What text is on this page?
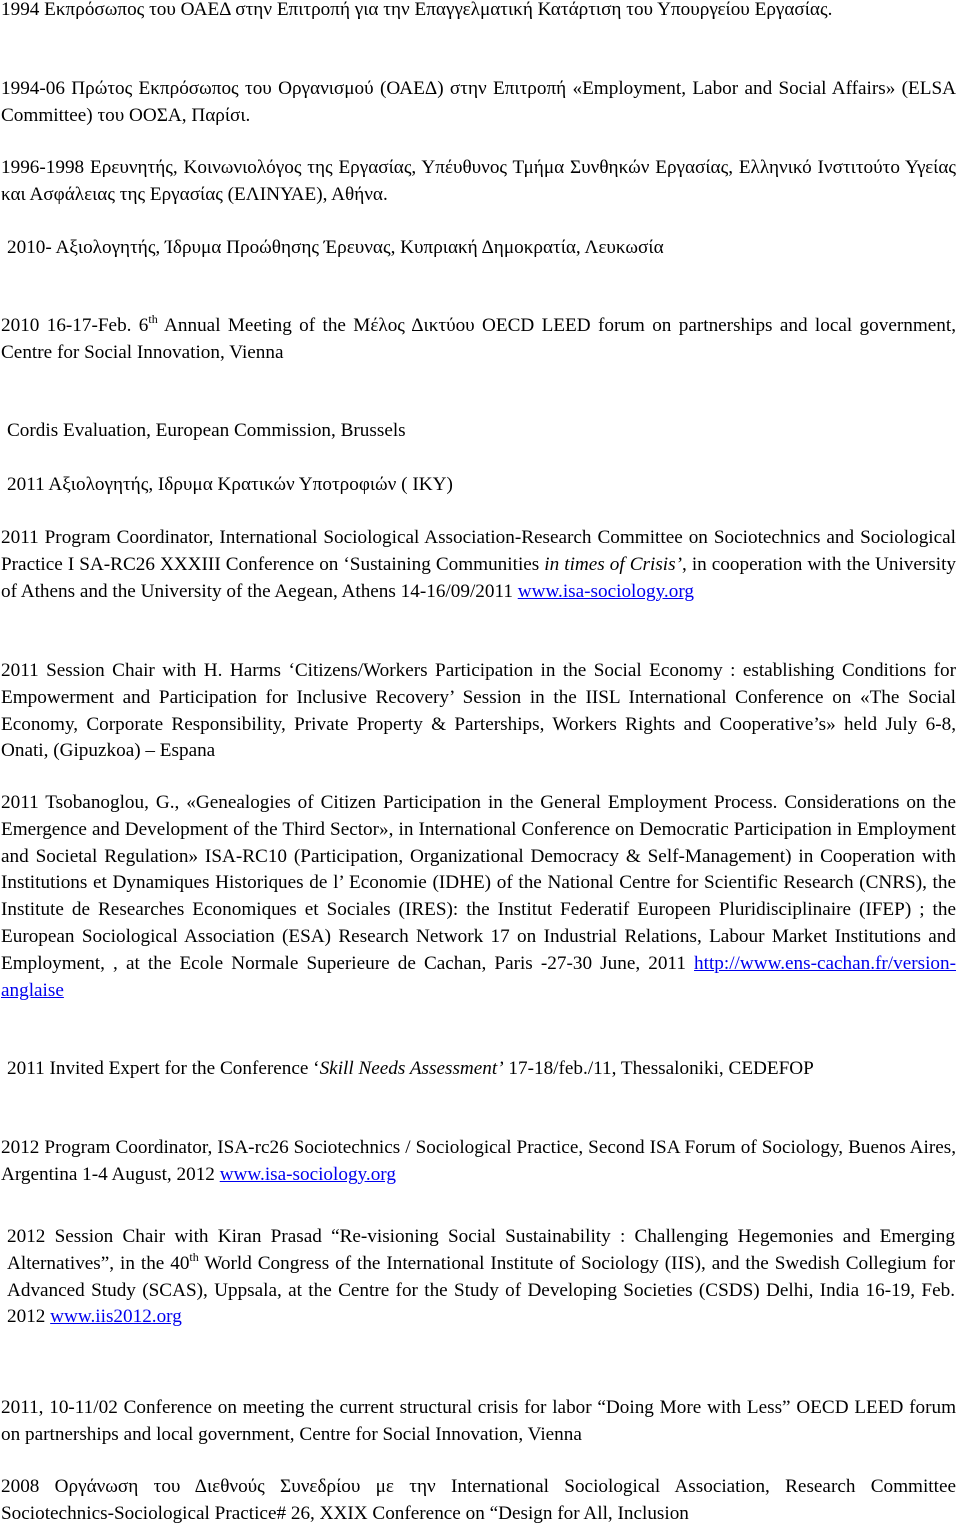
1994 Εκπρόσωπος του ΟΑΕΔ στην Επιτροπή για την Επαγγελματική Κατάρτιση του Υπουργείου Εργασίας.

1994-06 Πρώτος Εκπρόσωπος του Οργανισμού (ΟΑΕΔ) στην Επιτροπή «Employment, Labor and Social Affairs» (ELSA Committee) του ΟΟΣΑ, Παρίσι.

1996-1998 Ερευνητής, Κοινωνιολόγος της Εργασίας, Υπέυθυνος Τμήμα Συνθηκών Εργασίας, Ελληνικό Ινστιτούτο Υγείας και Ασφάλειας της Εργασίας (ΕΛΙΝΥΑΕ), Αθήνα.

2010- Αξιολογητής, Ίδρυμα Προώθησης Έρευνας, Κυπριακή Δημοκρατία, Λευκωσία

2010 16-17-Feb. 6th Annual Meeting of the Μέλος Δικτύου OECD LEED forum on partnerships and local government, Centre for Social Innovation, Vienna

Cordis Evaluation, European Commission, Brussels

2011 Αξιολογητής, Ιδρυμα Κρατικών Υποτροφιών ( ΙΚΥ)

2011 Program Coordinator, International Sociological Association-Research Committee on Sociotechnics and Sociological Practice I SA-RC26 XXXIII Conference on ‘Sustaining Communities in times of Crisis’, in cooperation with the University of Athens and the University of the Aegean, Athens 14-16/09/2011 www.isa-sociology.org

2011 Session Chair with H. Harms ‘Citizens/Workers Participation in the Social Economy : establishing Conditions for Empowerment and Participation for Inclusive Recovery’ Session in the IISL International Conference on «The Social Economy, Corporate Responsibility, Private Property & Parterships, Workers Rights and Cooperative’s» held July 6-8, Onati, (Gipuzkoa) – Espana

2011 Tsobanoglou, G., «Genealogies of Citizen Participation in the General Employment Process. Considerations on the Emergence and Development of the Third Sector», in International Conference on Democratic Participation in Employment and Societal Regulation» ISA-RC10 (Participation, Organizational Democracy & Self-Management) in Cooperation with Institutions et Dynamiques Historiques de l’ Economie (IDHE) of the National Centre for Scientific Research (CNRS), the Institute de Researches Economiques et Sociales (IRES): the Institut Federatif Europeen Pluridisciplinaire (IFEP) ; the European Sociological Association (ESA) Research Network 17 on Industrial Relations, Labour Market Institutions and Employment, , at the Ecole Normale Superieure de Cachan, Paris -27-30 June, 2011 http://www.ens-cachan.fr/version-anglaise

2011 Invited Expert for the Conference ‘Skill Needs Assessment’ 17-18/feb./11, Thessaloniki, CEDEFOP

2012 Program Coordinator, ISA-rc26 Sociotechnics / Sociological Practice, Second ISA Forum of Sociology, Buenos Aires, Argentina 1-4 August, 2012 www.isa-sociology.org

2012 Session Chair with Kiran Prasad “Re-visioning Social Sustainability : Challenging Hegemonies and Emerging Alternatives”, in the 40th World Congress of the International Institute of Sociology (IIS), and the Swedish Collegium for Advanced Study (SCAS), Uppsala, at the Centre for the Study of Developing Societies (CSDS) Delhi, India 16-19, Feb. 2012 www.iis2012.org

2011, 10-11/02 Conference on meeting the current structural crisis for labor “Doing More with Less” OECD LEED forum on partnerships and local government, Centre for Social Innovation, Vienna

2008 Οργάνωση του Διεθνούς Συνεδρίου με την International Sociological Association, Research Committee Sociotechnics-Sociological Practice# 26, XXIX Conference on “Design for All, Inclusion
